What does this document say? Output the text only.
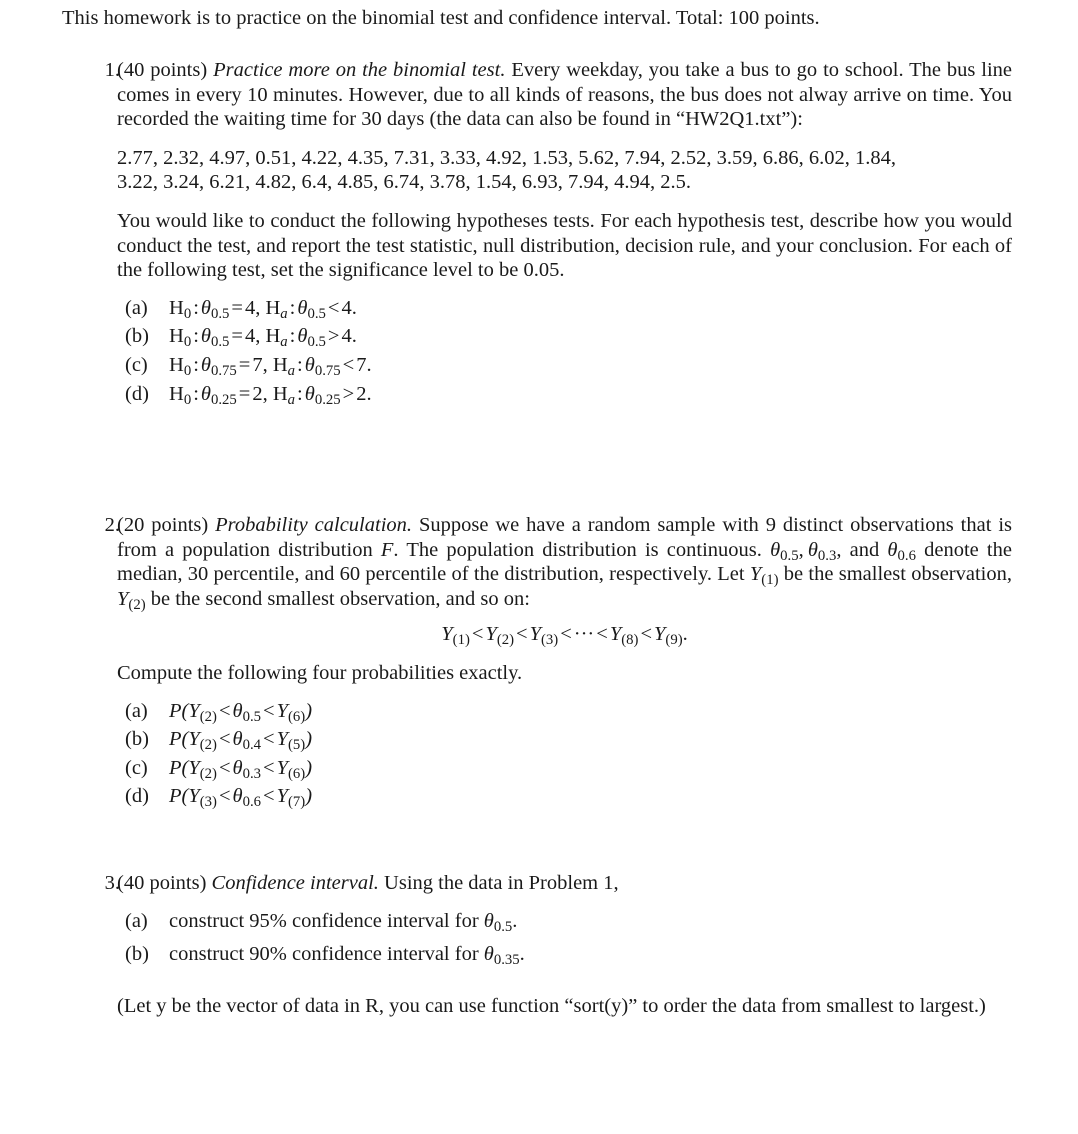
This homework is to practice on the binomial test and confidence interval. Total: 100 points.
1.

(40 points) Practice more on the binomial test. Every weekday, you take a bus to go to school. The bus line comes in every 10 minutes. However, due to all kinds of reasons, the bus does not alway arrive on time. You recorded the waiting time for 30 days (the data can also be found in “HW2Q1.txt”):

2.77, 2.32, 4.97, 0.51, 4.22, 4.35, 7.31, 3.33, 4.92, 1.53, 5.62, 7.94, 2.52, 3.59, 6.86, 6.02, 1.84,

3.22, 3.24, 6.21, 4.82, 6.4, 4.85, 6.74, 3.78, 1.54, 6.93, 7.94, 4.94, 2.5.

You would like to conduct the following hypotheses tests. For each hypothesis test, describe how you would conduct the test, and report the test statistic, null distribution, decision rule, and your conclusion. For each of the following test, set the significance level to be 0.05.

(a)	$H_0:\theta_{0.5}=4$, $H_a:\theta_{0.5}<4$.
(b) $H_0:\theta_{0.5}=4$, $H_a:\theta_{0.5}>4$.
(c)	$H_0:\theta_{0.75}=7$, $H_a:\theta_{0.75}<7$.
(d) $H_0:\theta_{0.25}=2$, $H_a:\theta_{0.25}>2$.
2.

(20 points) Probability calculation. Suppose we have a random sample with 9 distinct observations that is from a population distribution F. The population distribution is continuous. $\theta_{0.5}$, $\theta_{0.3}$, and $\theta_{0.6}$ denote the median, 30 percentile, and 60 percentile of the distribution, respectively. Let $Y_{(1)}$ be the smallest observation, $Y_{(2)}$ be the second smallest observation, and so on:

$Y_{(1)}<Y_{(2)}<Y_{(3)}<\cdot\cdot\cdot<Y_{(8)}<Y_{(9)}$.

Compute the following four probabilities exactly.

(a)	$P(Y_{(2)}<\theta_{0.5}<Y_{(6)})$
(b) $P(Y_{(2)}<\theta_{0.4}<Y_{(5)})$
(c)	$P(Y_{(2)}<\theta_{0.3}<Y_{(6)})$
(d) $P(Y_{(3)}<\theta_{0.6}<Y_{(7)})$
3.

(40 points) Confidence interval. Using the data in Problem 1,

(a)	construct 95% confidence interval for $\theta_{0.5}$.
(b) construct 90% confidence interval for $\theta_{0.35}$.

(Let y be the vector of data in R, you can use function “sort(y)” to order the data from smallest to largest.)
